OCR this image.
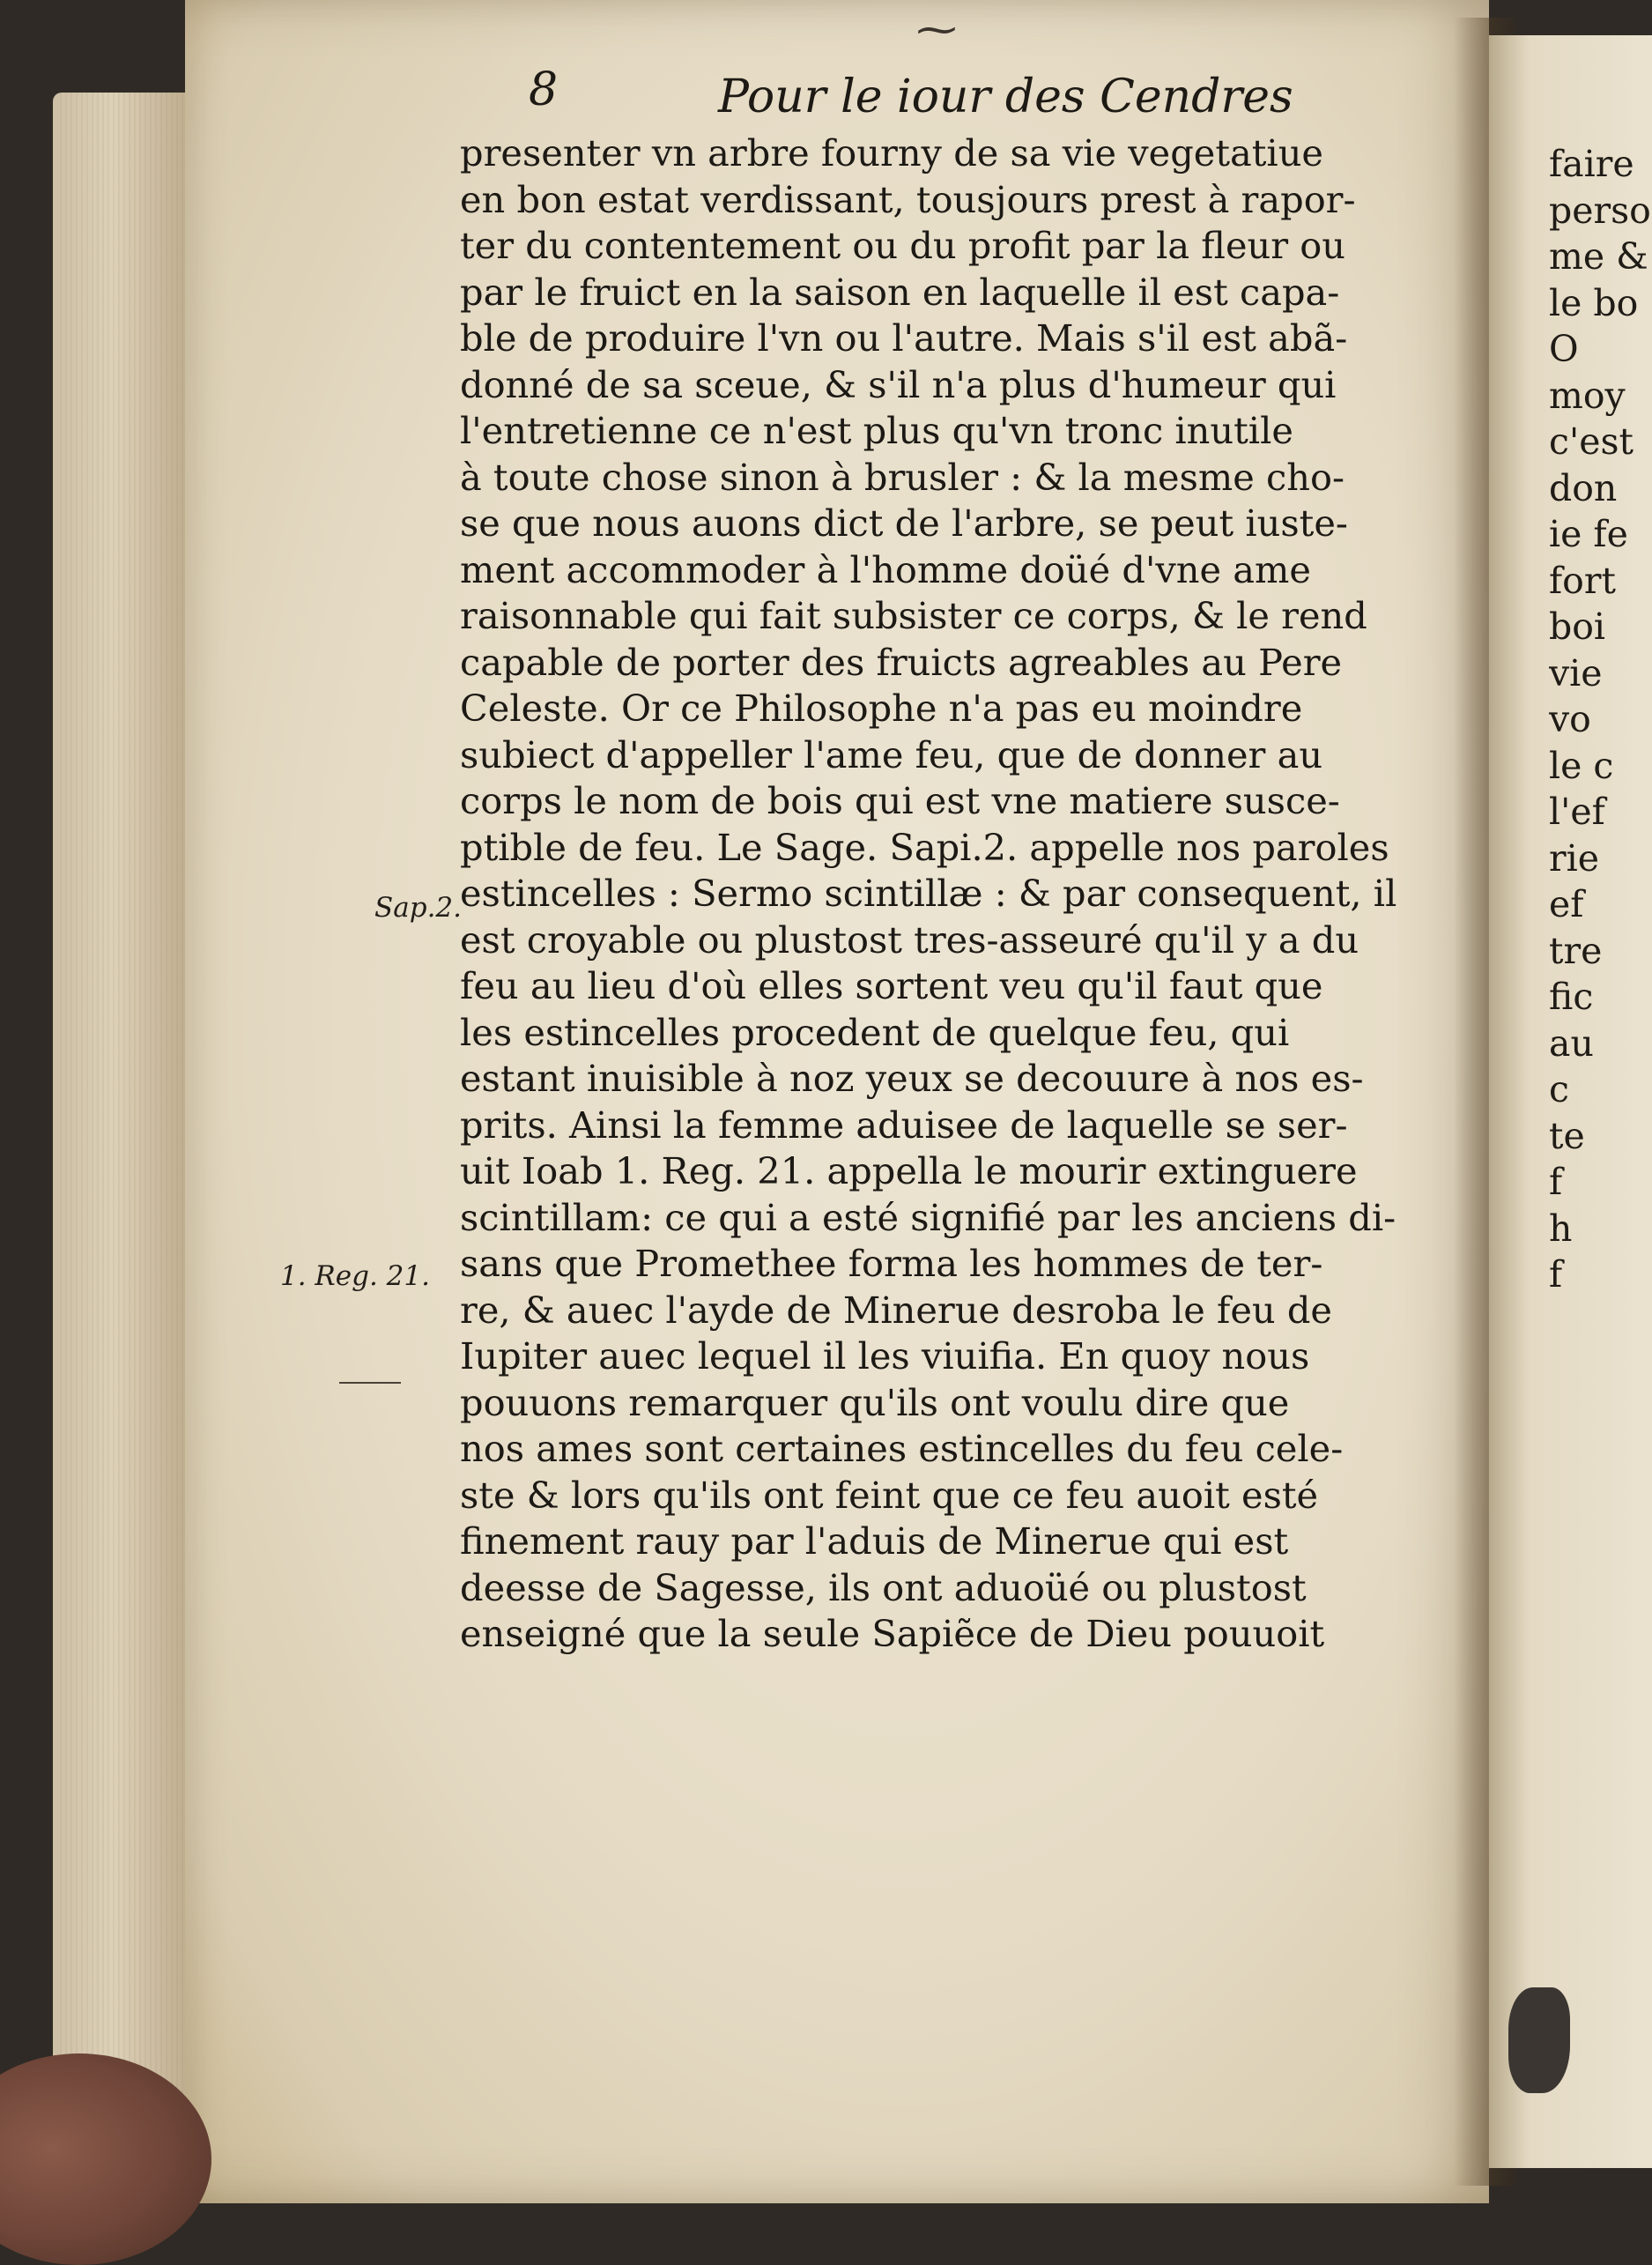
⁓
8	Pour le iour des Cendres
presenter vn arbre fourny de sa vie vegetatiue
en bon estat verdissant, tousjours prest à rapor-
ter du contentement ou du profit par la fleur ou
par le fruict en la saison en laquelle il est capa-
ble de produire l'vn ou l'autre. Mais s'il est abã-
donné de sa sceue, & s'il n'a plus d'humeur qui
l'entretienne ce n'est plus qu'vn tronc inutile
à toute chose sinon à brusler : & la mesme cho-
se que nous auons dict de l'arbre, se peut iuste-
ment accommoder à l'homme doüé d'vne ame
raisonnable qui fait subsister ce corps, & le rend
capable de porter des fruicts agreables au Pere
Celeste. Or ce Philosophe n'a pas eu moindre
subiect d'appeller l'ame feu, que de donner au
corps le nom de bois qui est vne matiere susce-
ptible de feu. Le Sage. Sapi.2. appelle nos paroles
estincelles : Sermo scintillæ : & par consequent, il
est croyable ou plustost tres-asseuré qu'il y a du
feu au lieu d'où elles sortent veu qu'il faut que
les estincelles procedent de quelque feu, qui
estant inuisible à noz yeux se decouure à nos es-
prits. Ainsi la femme aduisee de laquelle se ser-
uit Ioab 1. Reg. 21. appella le mourir extinguere
scintillam: ce qui a esté signifié par les anciens di-
sans que Promethee forma les hommes de ter-
re, & auec l'ayde de Minerue desroba le feu de
Iupiter auec lequel il les viuifia. En quoy nous
pouuons remarquer qu'ils ont voulu dire que
nos ames sont certaines estincelles du feu cele-
ste & lors qu'ils ont feint que ce feu auoit esté
finement rauy par l'aduis de Minerue qui est
deesse de Sagesse, ils ont aduoüé ou plustost
enseigné que la seule Sapiẽce de Dieu pouuoit
Sap.2.
1. Reg. 21.
faire
perso
me &
le bo
O
moy
c'est
don
ie fe
fort
boi
vie
vo
le c
l'ef
rie
ef
tre
fic
au
c
te
f
h
f
